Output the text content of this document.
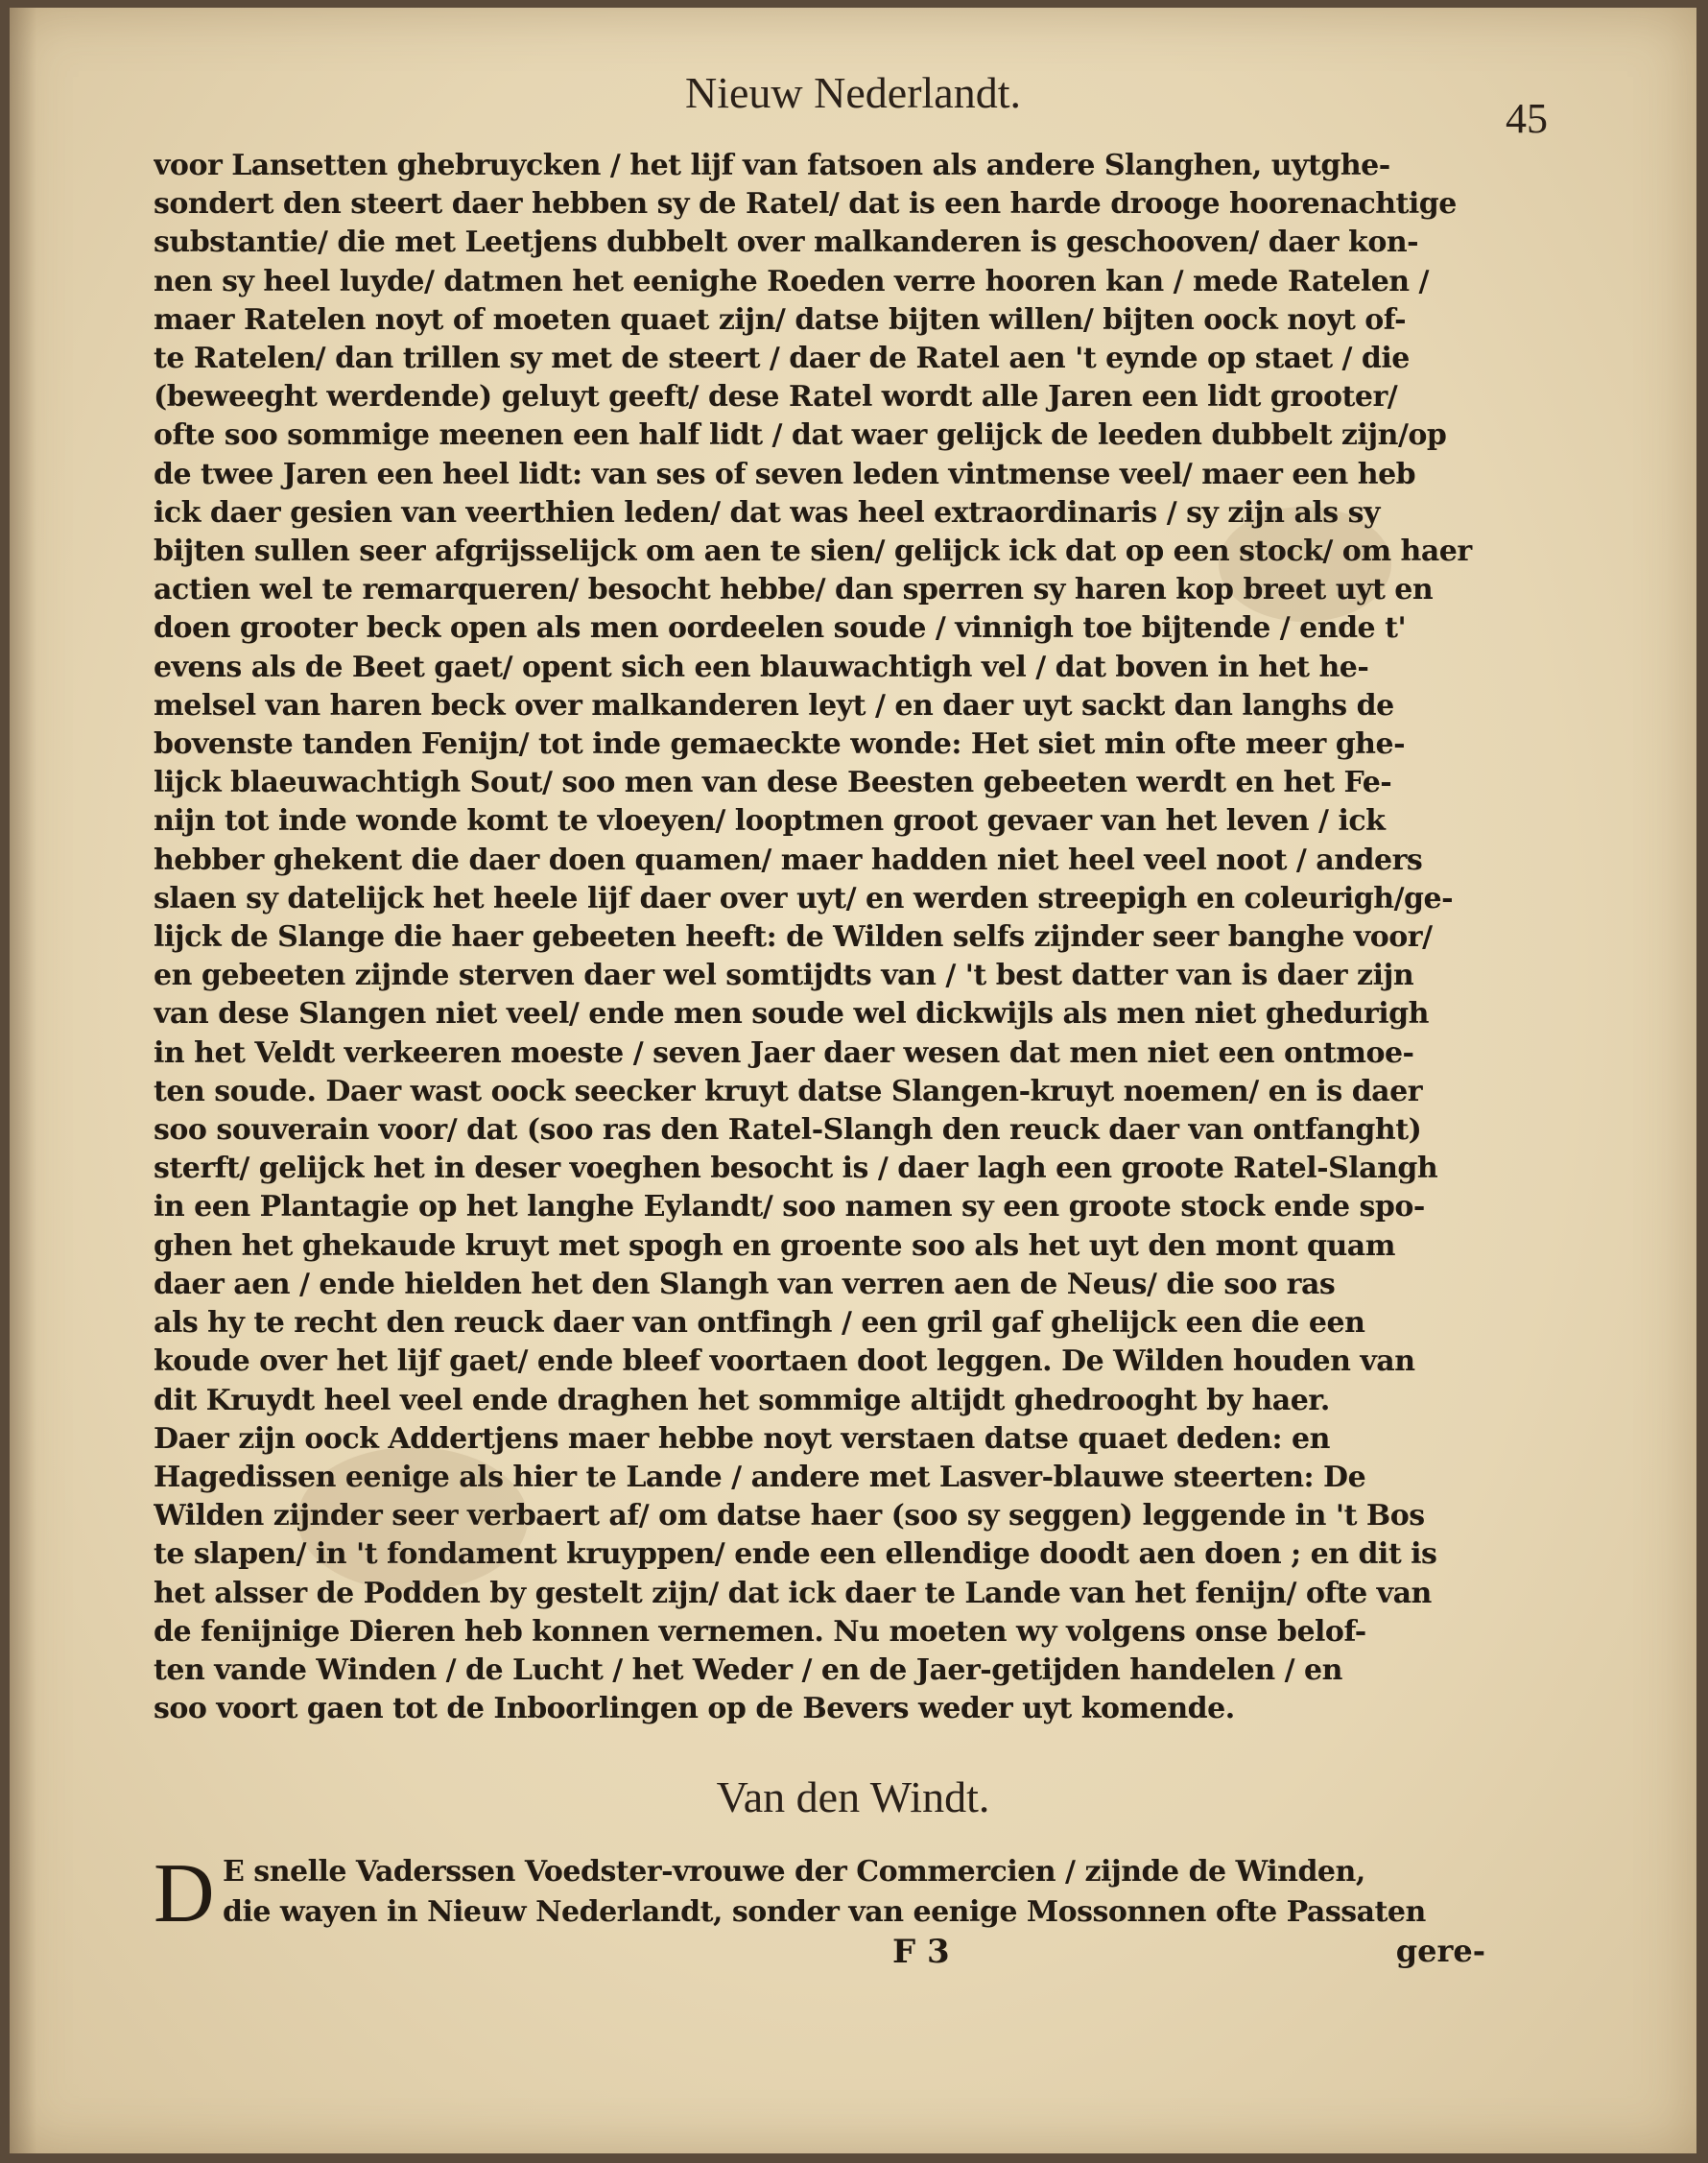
Nieuw Nederlandt.
45
voor Lansetten ghebruycken / het lijf van fatsoen als andere Slanghen, uytghe-
sondert den steert daer hebben sy de Ratel/ dat is een harde drooge hoorenachtige
substantie/ die met Leetjens dubbelt over malkanderen is geschooven/ daer kon-
nen sy heel luyde/ datmen het eenighe Roeden verre hooren kan / mede Ratelen /
maer Ratelen noyt of moeten quaet zijn/ datse bijten willen/ bijten oock noyt of-
te Ratelen/ dan trillen sy met de steert / daer de Ratel aen 't eynde op staet / die
(beweeght werdende) geluyt geeft/ dese Ratel wordt alle Jaren een lidt grooter/
ofte soo sommige meenen een half lidt / dat waer gelijck de leeden dubbelt zijn/op
de twee Jaren een heel lidt: van ses of seven leden vintmense veel/ maer een heb
ick daer gesien van veerthien leden/ dat was heel extraordinaris / sy zijn als sy
bijten sullen seer afgrijsselijck om aen te sien/ gelijck ick dat op een stock/ om haer
actien wel te remarqueren/ besocht hebbe/ dan sperren sy haren kop breet uyt en
doen grooter beck open als men oordeelen soude / vinnigh toe bijtende / ende t'
evens als de Beet gaet/ opent sich een blauwachtigh vel / dat boven in het he-
melsel van haren beck over malkanderen leyt / en daer uyt sackt dan langhs de
bovenste tanden Fenijn/ tot inde gemaeckte wonde: Het siet min ofte meer ghe-
lijck blaeuwachtigh Sout/ soo men van dese Beesten gebeeten werdt en het Fe-
nijn tot inde wonde komt te vloeyen/ looptmen groot gevaer van het leven / ick
hebber ghekent die daer doen quamen/ maer hadden niet heel veel noot / anders
slaen sy datelijck het heele lijf daer over uyt/ en werden streepigh en coleurigh/ge-
lijck de Slange die haer gebeeten heeft: de Wilden selfs zijnder seer banghe voor/
en gebeeten zijnde sterven daer wel somtijdts van / 't best datter van is daer zijn
van dese Slangen niet veel/ ende men soude wel dickwijls als men niet ghedurigh
in het Veldt verkeeren moeste / seven Jaer daer wesen dat men niet een ontmoe-
ten soude. Daer wast oock seecker kruyt datse Slangen-kruyt noemen/ en is daer
soo souverain voor/ dat (soo ras den Ratel-Slangh den reuck daer van ontfanght)
sterft/ gelijck het in deser voeghen besocht is / daer lagh een groote Ratel-Slangh
in een Plantagie op het langhe Eylandt/ soo namen sy een groote stock ende spo-
ghen het ghekaude kruyt met spogh en groente soo als het uyt den mont quam
daer aen / ende hielden het den Slangh van verren aen de Neus/ die soo ras
als hy te recht den reuck daer van ontfingh / een gril gaf ghelijck een die een
koude over het lijf gaet/ ende bleef voortaen doot leggen. De Wilden houden van
dit Kruydt heel veel ende draghen het sommige altijdt ghedrooght by haer.
Daer zijn oock Addertjens maer hebbe noyt verstaen datse quaet deden: en
Hagedissen eenige als hier te Lande / andere met Lasver-blauwe steerten: De
Wilden zijnder seer verbaert af/ om datse haer (soo sy seggen) leggende in 't Bos
te slapen/ in 't fondament kruyppen/ ende een ellendige doodt aen doen ; en dit is
het alsser de Podden by gestelt zijn/ dat ick daer te Lande van het fenijn/ ofte van
de fenijnige Dieren heb konnen vernemen. Nu moeten wy volgens onse belof-
ten vande Winden / de Lucht / het Weder / en de Jaer-getijden handelen / en
soo voort gaen tot de Inboorlingen op de Bevers weder uyt komende.
Van den Windt.
D E snelle Vaderssen Voedster-vrouwe der Commercien / zijnde de Winden,
die wayen in Nieuw Nederlandt, sonder van eenige Mossonnen ofte Passaten
F 3	gere-
